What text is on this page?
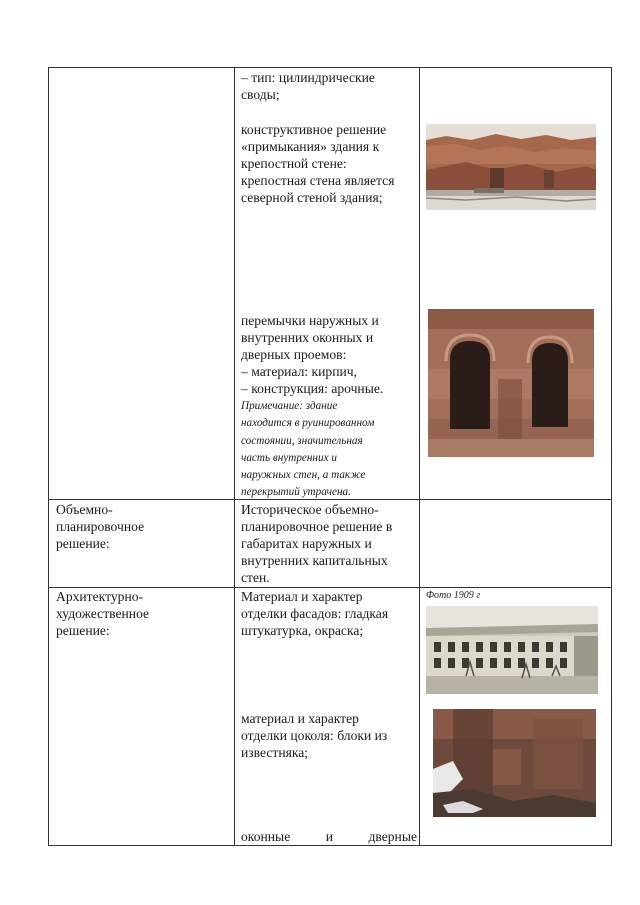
– тип: цилиндрические
своды;
конструктивное решение
«примыкания» здания к
крепостной стене:
крепостная стена является
северной стеной здания;
перемычки наружных и
внутренних оконных и
дверных проемов:
– материал: кирпич,
– конструкция: арочные.
Примечание: здание
находится в руинированном
состоянии, значительная
часть внутренних и
наружных стен, а также
перекрытий утрачена.
Объемно-
планировочное
решение:
Историческое объемно-
планировочное решение в
габаритах наружных и
внутренних капитальных
стен.
Архитектурно-
художественное
решение:
Материал и характер
отделки фасадов: гладкая
штукатурка, окраска;
материал и характер
отделки цоколя: блоки из
известняка;
оконные	и	дверные
Фото 1909 г
